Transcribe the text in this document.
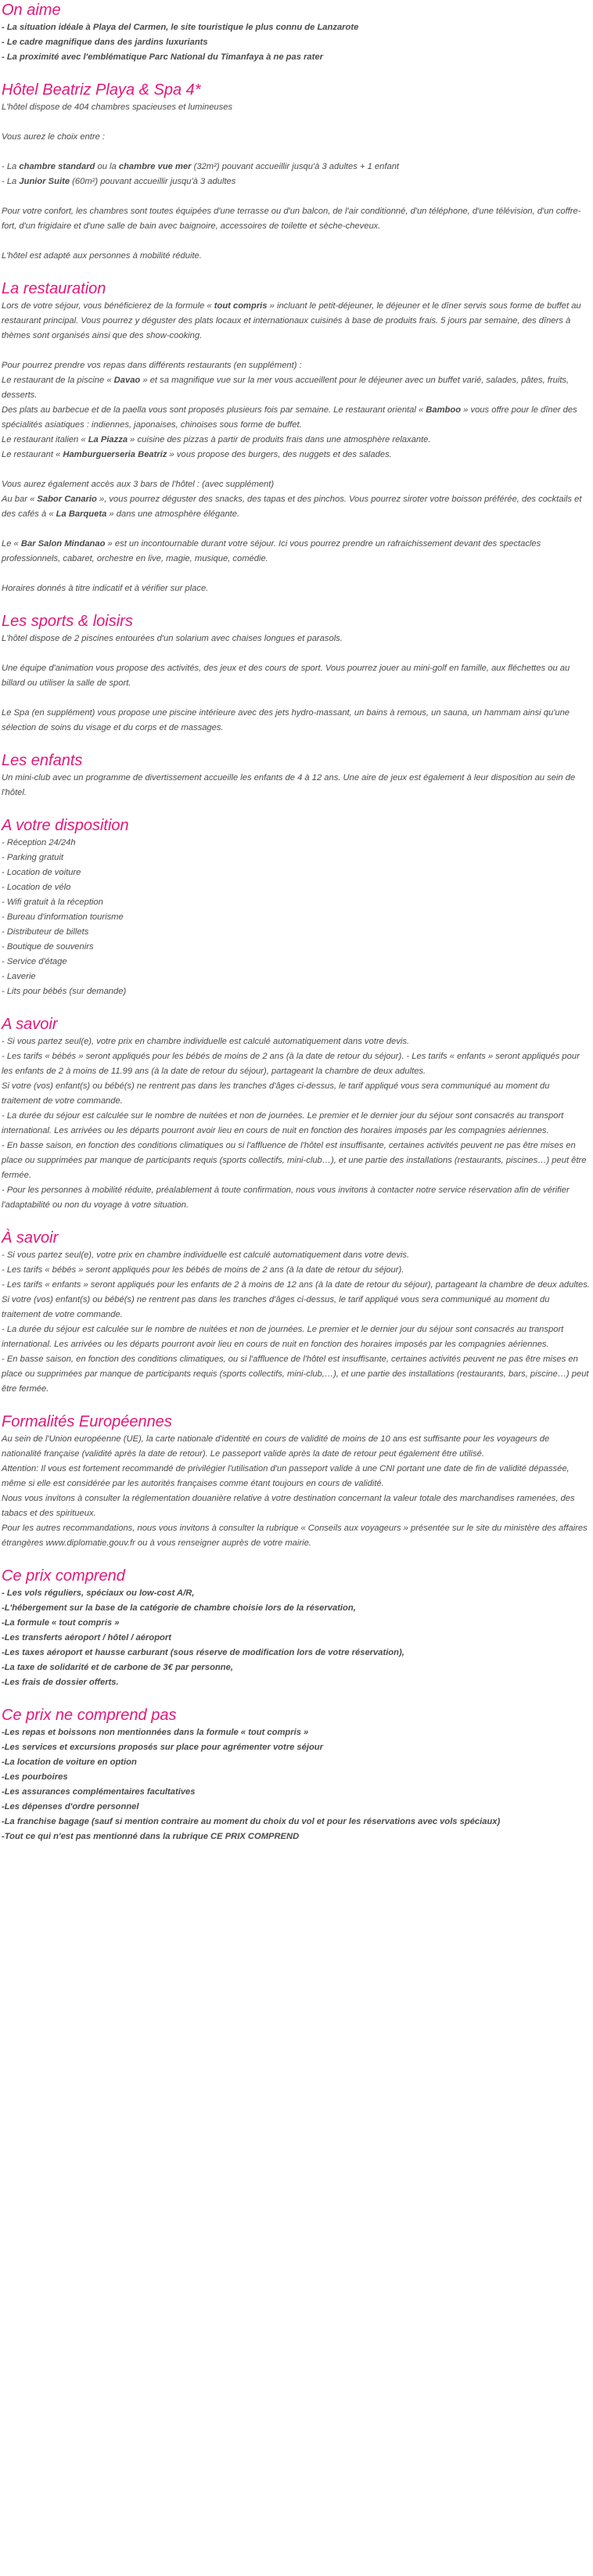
On aime

- La situation idéale à Playa del Carmen, le site touristique le plus connu de Lanzarote

- Le cadre magnifique dans des jardins luxuriants

- La proximité avec l'emblématique Parc National du Timanfaya à ne pas rater

Hôtel Beatriz Playa & Spa 4*

L'hôtel dispose de 404 chambres spacieuses et lumineuses

Vous aurez le choix entre :

- La chambre standard ou la chambre vue mer (32m²) pouvant accueillir jusqu'à 3 adultes + 1 enfant

- La Junior Suite (60m²) pouvant accueillir jusqu'à 3 adultes

Pour votre confort, les chambres sont toutes équipées d'une terrasse ou d'un balcon, de l'air conditionné, d'un téléphone, d'une télévision, d'un coffre-fort, d'un frigidaire et d'une salle de bain avec baignoire, accessoires de toilette et sèche-cheveux.

L'hôtel est adapté aux personnes à mobilité réduite.

La restauration

Lors de votre séjour, vous bénéficierez de la formule « tout compris » incluant le petit-déjeuner, le déjeuner et le dîner servis sous forme de buffet au restaurant principal. Vous pourrez y déguster des plats locaux et internationaux cuisinés à base de produits frais. 5 jours par semaine, des dîners à thèmes sont organisés ainsi que des show-cooking.

Pour pourrez prendre vos repas dans différents restaurants (en supplément) :

Le restaurant de la piscine « Davao » et sa magnifique vue sur la mer vous accueillent pour le déjeuner avec un buffet varié, salades, pâtes, fruits, desserts.

Des plats au barbecue et de la paella vous sont proposés plusieurs fois par semaine. Le restaurant oriental « Bamboo » vous offre pour le dîner des spécialités asiatiques : indiennes, japonaises, chinoises sous forme de buffet.

Le restaurant italien « La Piazza » cuisine des pizzas à partir de produits frais dans une atmosphère relaxante.

Le restaurant « Hamburguerseria Beatriz » vous propose des burgers, des nuggets et des salades.

Vous aurez également accès aux 3 bars de l'hôtel : (avec supplément)

Au bar « Sabor Canario », vous pourrez déguster des snacks, des tapas et des pinchos. Vous pourrez siroter votre boisson préférée, des cocktails et des cafés à « La Barqueta » dans une atmosphère élégante.

Le « Bar Salon Mindanao » est un incontournable durant votre séjour. Ici vous pourrez prendre un rafraichissement devant des spectacles professionnels, cabaret, orchestre en live, magie, musique, comédie.

Horaires donnés à titre indicatif et à vérifier sur place.

Les sports & loisirs

L'hôtel dispose de 2 piscines entourées d'un solarium avec chaises longues et parasols.

Une équipe d'animation vous propose des activités, des jeux et des cours de sport. Vous pourrez jouer au mini-golf en famille, aux fléchettes ou au billard ou utiliser la salle de sport.

Le Spa (en supplément) vous propose une piscine intérieure avec des jets hydro-massant, un bains à remous, un sauna, un hammam ainsi qu'une sélection de soins du visage et du corps et de massages.

Les enfants

Un mini-club avec un programme de divertissement accueille les enfants de 4 à 12 ans. Une aire de jeux est également à leur disposition au sein de l'hôtel.

A votre disposition

- Réception 24/24h

- Parking gratuit

- Location de voiture

- Location de vélo

- Wifi gratuit à la réception

- Bureau d'information tourisme

- Distributeur de billets

- Boutique de souvenirs

- Service d'étage

- Laverie

- Lits pour bébés (sur demande)

A savoir

- Si vous partez seul(e), votre prix en chambre individuelle est calculé automatiquement dans votre devis.

- Les tarifs « bébés » seront appliqués pour les bébés de moins de 2 ans (à la date de retour du séjour). - Les tarifs « enfants » seront appliqués pour les enfants de 2 à moins de 11.99 ans (à la date de retour du séjour), partageant la chambre de deux adultes.

Si votre (vos) enfant(s) ou bébé(s) ne rentrent pas dans les tranches d'âges ci-dessus, le tarif appliqué vous sera communiqué au moment du traitement de votre commande.

- La durée du séjour est calculée sur le nombre de nuitées et non de journées. Le premier et le dernier jour du séjour sont consacrés au transport international. Les arrivées ou les départs pourront avoir lieu en cours de nuit en fonction des horaires imposés par les compagnies aériennes.

- En basse saison, en fonction des conditions climatiques ou si l'affluence de l'hôtel est insuffisante, certaines activités peuvent ne pas être mises en place ou supprimées par manque de participants requis (sports collectifs, mini-club…), et une partie des installations (restaurants, piscines…) peut être fermée.

- Pour les personnes à mobilité réduite, préalablement à toute confirmation, nous vous invitons à contacter notre service réservation afin de vérifier l'adaptabilité ou non du voyage à votre situation.

À savoir

- Si vous partez seul(e), votre prix en chambre individuelle est calculé automatiquement dans votre devis.

- Les tarifs « bébés » seront appliqués pour les bébés de moins de 2 ans (à la date de retour du séjour).

- Les tarifs « enfants » seront appliqués pour les enfants de 2 à moins de 12 ans (à la date de retour du séjour), partageant la chambre de deux adultes. Si votre (vos) enfant(s) ou bébé(s) ne rentrent pas dans les tranches d'âges ci-dessus, le tarif appliqué vous sera communiqué au moment du traitement de votre commande.

- La durée du séjour est calculée sur le nombre de nuitées et non de journées. Le premier et le dernier jour du séjour sont consacrés au transport international. Les arrivées ou les départs pourront avoir lieu en cours de nuit en fonction des horaires imposés par les compagnies aériennes.

- En basse saison, en fonction des conditions climatiques, ou si l'affluence de l'hôtel est insuffisante, certaines activités peuvent ne pas être mises en place ou supprimées par manque de participants requis (sports collectifs, mini-club,…), et une partie des installations (restaurants, bars, piscine…) peut être fermée.

Formalités Européennes

Au sein de l'Union européenne (UE), la carte nationale d'identité en cours de validité de moins de 10 ans est suffisante pour les voyageurs de nationalité française (validité après la date de retour). Le passeport valide après la date de retour peut également être utilisé.

Attention: Il vous est fortement recommandé de privilégier l'utilisation d'un passeport valide à une CNI portant une date de fin de validité dépassée, même si elle est considérée par les autorités françaises comme étant toujours en cours de validité.

Nous vous invitons à consulter la réglementation douanière relative à votre destination concernant la valeur totale des marchandises ramenées, des tabacs et des spiritueux.

Pour les autres recommandations, nous vous invitons à consulter la rubrique « Conseils aux voyageurs » présentée sur le site du ministère des affaires étrangères www.diplomatie.gouv.fr ou à vous renseigner auprès de votre mairie.

Ce prix comprend

- Les vols réguliers, spéciaux ou low-cost A/R,

-L'hébergement sur la base de la catégorie de chambre choisie lors de la réservation,

-La formule « tout compris »

-Les transferts aéroport / hôtel / aéroport

-Les taxes aéroport et hausse carburant (sous réserve de modification lors de votre réservation),

-La taxe de solidarité et de carbone de 3€ par personne,

-Les frais de dossier offerts.

Ce prix ne comprend pas

-Les repas et boissons non mentionnées dans la formule « tout compris »

-Les services et excursions proposés sur place pour agrémenter votre séjour

-La location de voiture en option

-Les pourboires

-Les assurances complémentaires facultatives

-Les dépenses d'ordre personnel

-La franchise bagage (sauf si mention contraire au moment du choix du vol et pour les réservations avec vols spéciaux)

-Tout ce qui n'est pas mentionné dans la rubrique CE PRIX COMPREND
